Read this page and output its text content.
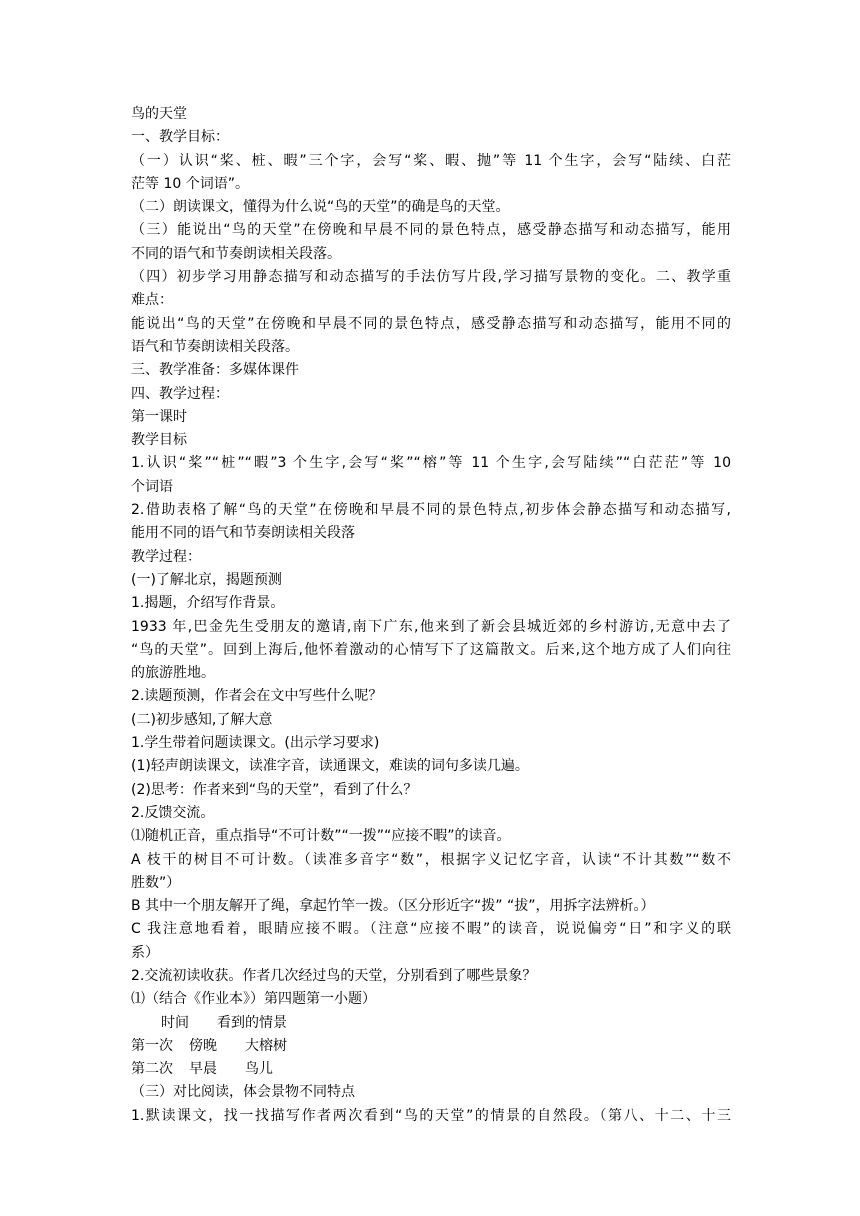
鸟的天堂
一、教学目标：
（一）认识“桨、桩、暇”三个字，会写“桨、暇、抛”等 11 个生字，会写“陆续、白茫
茫等 10 个词语”。
（二）朗读课文，懂得为什么说“鸟的天堂”的确是鸟的天堂。
（三）能说出“鸟的天堂”在傍晚和早晨不同的景色特点，感受静态描写和动态描写，能用
不同的语气和节奏朗读相关段落。
（四）初步学习用静态描写和动态描写的手法仿写片段,学习描写景物的变化。二、教学重
难点：
能说出“鸟的天堂”在傍晚和早晨不同的景色特点，感受静态描写和动态描写，能用不同的
语气和节奏朗读相关段落。
三、教学准备：多媒体课件
四、教学过程：
第一课时
教学目标
1.认识“桨”“桩”“暇”3 个生字,会写“桨”“榕”等 11 个生字,会写陆续”“白茫茫”等 10
个词语
2.借助表格了解“鸟的天堂”在傍晚和早晨不同的景色特点,初步体会静态描写和动态描写,
能用不同的语气和节奏朗读相关段落
教学过程：
(一)了解北京，揭题预测
1.揭题，介绍写作背景。
1933 年,巴金先生受朋友的邀请,南下广东,他来到了新会县城近郊的乡村游访,无意中去了
“鸟的天堂”。回到上海后,他怀着激动的心情写下了这篇散文。后来,这个地方成了人们向往
的旅游胜地。
2.读题预测，作者会在文中写些什么呢？
(二)初步感知,了解大意
1.学生带着问题读课文。(出示学习要求)
(1)轻声朗读课文，读准字音，读通课文，难读的词句多读几遍。
(2)思考：作者来到“鸟的天堂”，看到了什么？
2.反馈交流。
⑴随机正音，重点指导“不可计数”“一拨”“应接不暇”的读音。
A 枝干的树目不可计数。（读准多音字“数”，根据字义记忆字音，认读“不计其数”“数不
胜数”）
B 其中一个朋友解开了绳，拿起竹竿一拨。（区分形近字“拨” “拔”，用拆字法辨析。）
C 我注意地看着，眼睛应接不暇。（注意“应接不暇”的读音，说说偏旁“日”和字义的联
系）
2.交流初读收获。作者几次经过鸟的天堂，分别看到了哪些景象？
⑴（结合《作业本》）第四题第一小题）
时间 看到的情景
第一次 傍晚 大榕树
第二次 早晨 鸟儿
（三）对比阅读，体会景物不同特点
1.默读课文，找一找描写作者两次看到“鸟的天堂”的情景的自然段。（第八、十二、十三
